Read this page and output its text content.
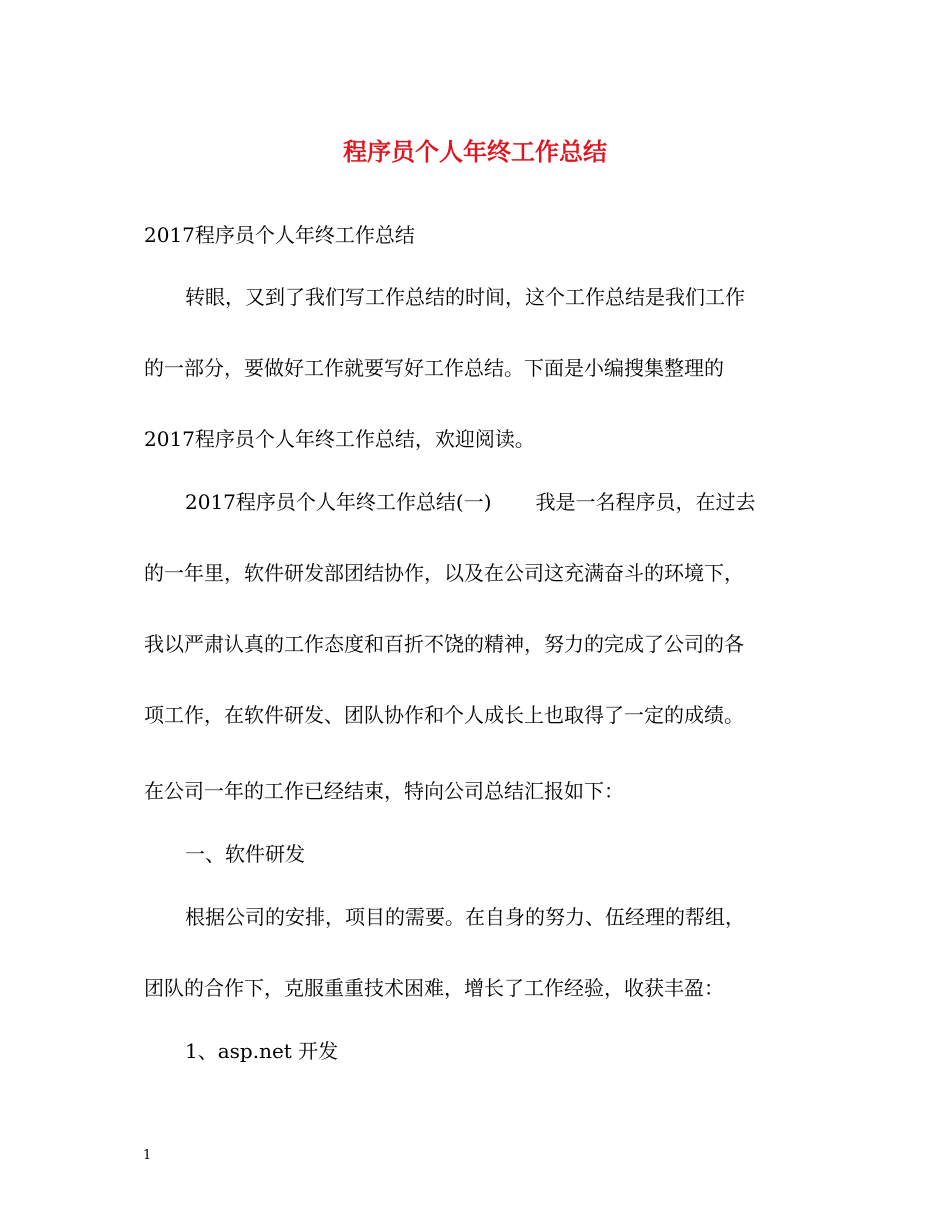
程序员个人年终工作总结
2017程序员个人年终工作总结
转眼，又到了我们写工作总结的时间，这个工作总结是我们工作
的一部分，要做好工作就要写好工作总结。下面是小编搜集整理的
2017程序员个人年终工作总结，欢迎阅读。
2017程序员个人年终工作总结(一) 我是一名程序员，在过去
的一年里，软件研发部团结协作，以及在公司这充满奋斗的环境下，
我以严肃认真的工作态度和百折不饶的精神，努力的完成了公司的各
项工作，在软件研发、团队协作和个人成长上也取得了一定的成绩。
在公司一年的工作已经结束，特向公司总结汇报如下：
一、软件研发
根据公司的安排，项目的需要。在自身的努力、伍经理的帮组，
团队的合作下，克服重重技术困难，增长了工作经验，收获丰盈：
1、asp.net 开发
1
